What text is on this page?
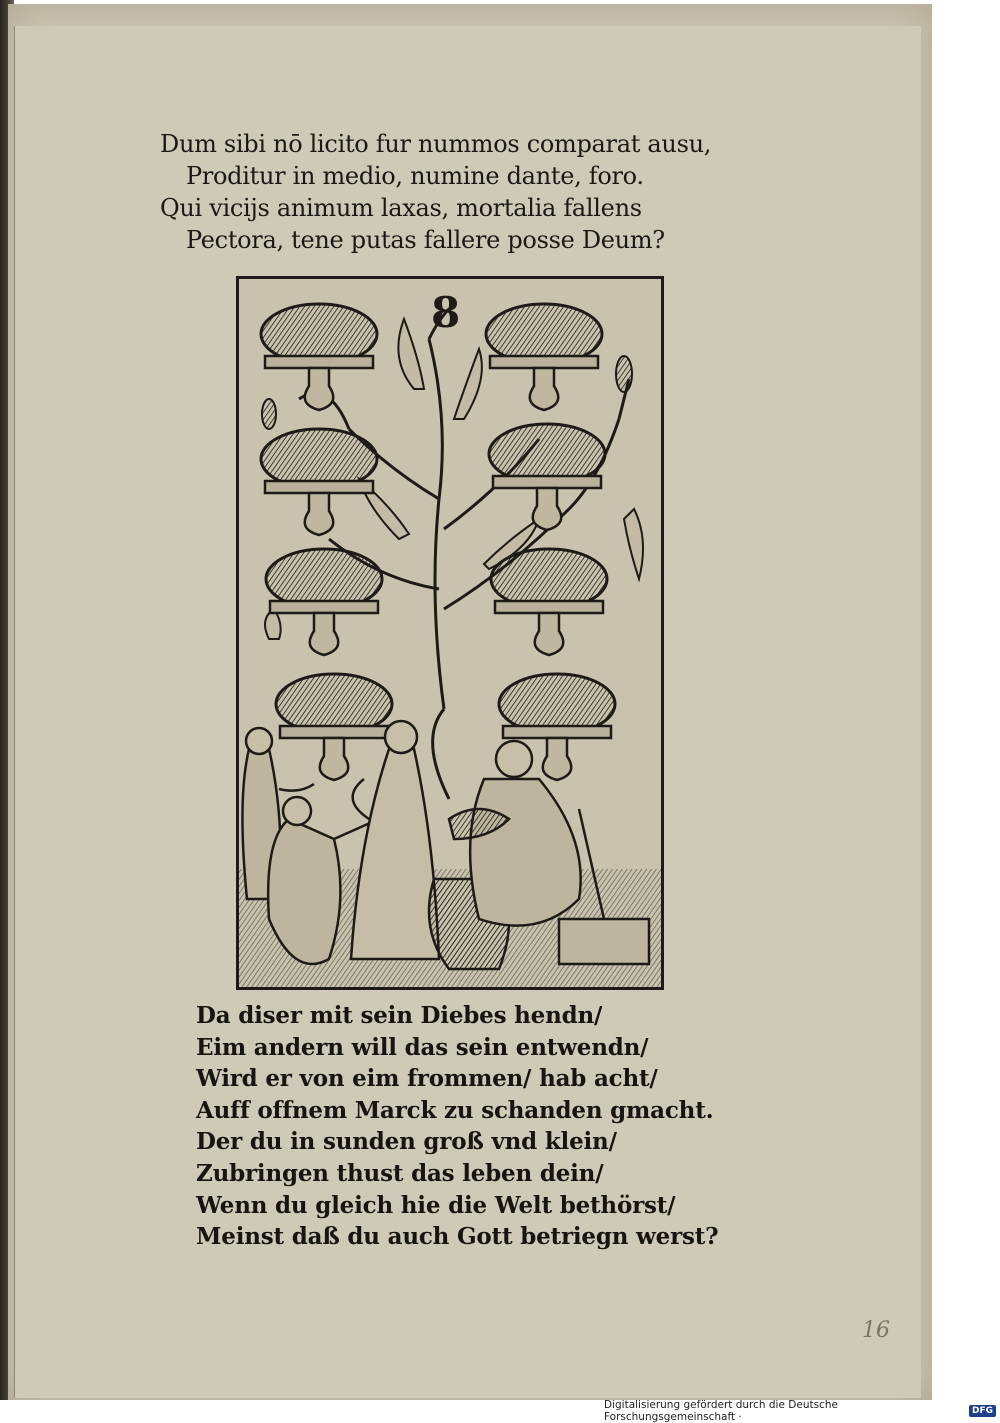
Dum sibi nō licito fur nummos comparat ausu,
Proditur in medio, numine dante, foro.
Qui vicijs animum laxas, mortalia fallens
Pectora, tene putas fallere posse Deum?
8
Da diser mit sein Diebes hendn/
Eim andern will das sein entwendn/
Wird er von eim frommen/ hab acht/
Auff offnem Marck zu schanden gmacht.
Der du in sunden groß vnd klein/
Zubringen thust das leben dein/
Wenn du gleich hie die Welt bethörst/
Meinst daß du auch Gott betriegn werst?
16
Digitalisierung gefördert durch die Deutsche Forschungsgemeinschaft ·	DFG
